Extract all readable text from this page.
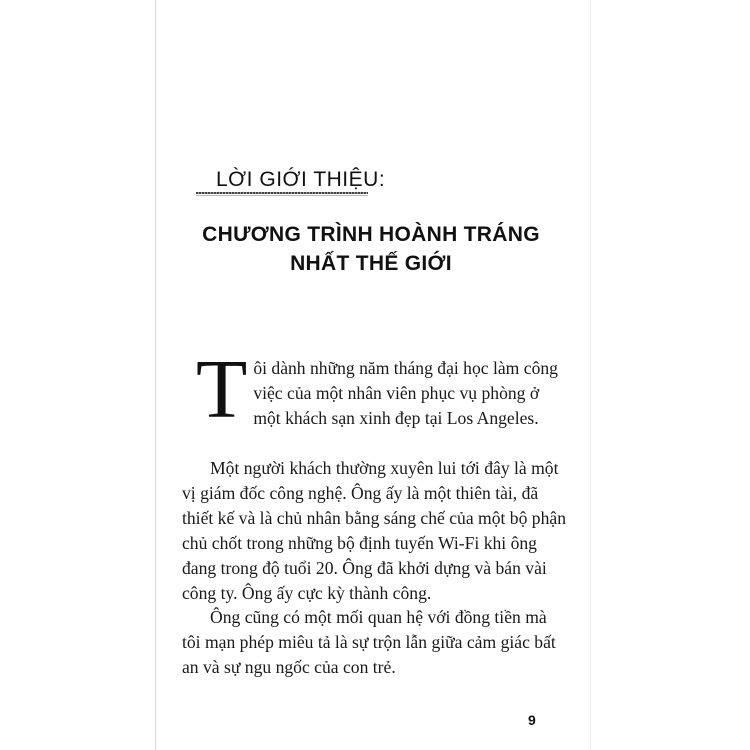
LỜI GIỚI THIỆU:
CHƯƠNG TRÌNH HOÀNH TRÁNG
NHẤT THẾ GIỚI

Tôi dành những năm tháng đại học làm công việc của một nhân viên phục vụ phòng ở một khách sạn xinh đẹp tại Los Angeles.

Một người khách thường xuyên lui tới đây là một vị giám đốc công nghệ. Ông ấy là một thiên tài, đã thiết kế và là chủ nhân bằng sáng chế của một bộ phận chủ chốt trong những bộ định tuyến Wi-Fi khi ông đang trong độ tuổi 20. Ông đã khởi dựng và bán vài công ty. Ông ấy cực kỳ thành công.

Ông cũng có một mối quan hệ với đồng tiền mà tôi mạn phép miêu tả là sự trộn lẫn giữa cảm giác bất an và sự ngu ngốc của con trẻ.

9
